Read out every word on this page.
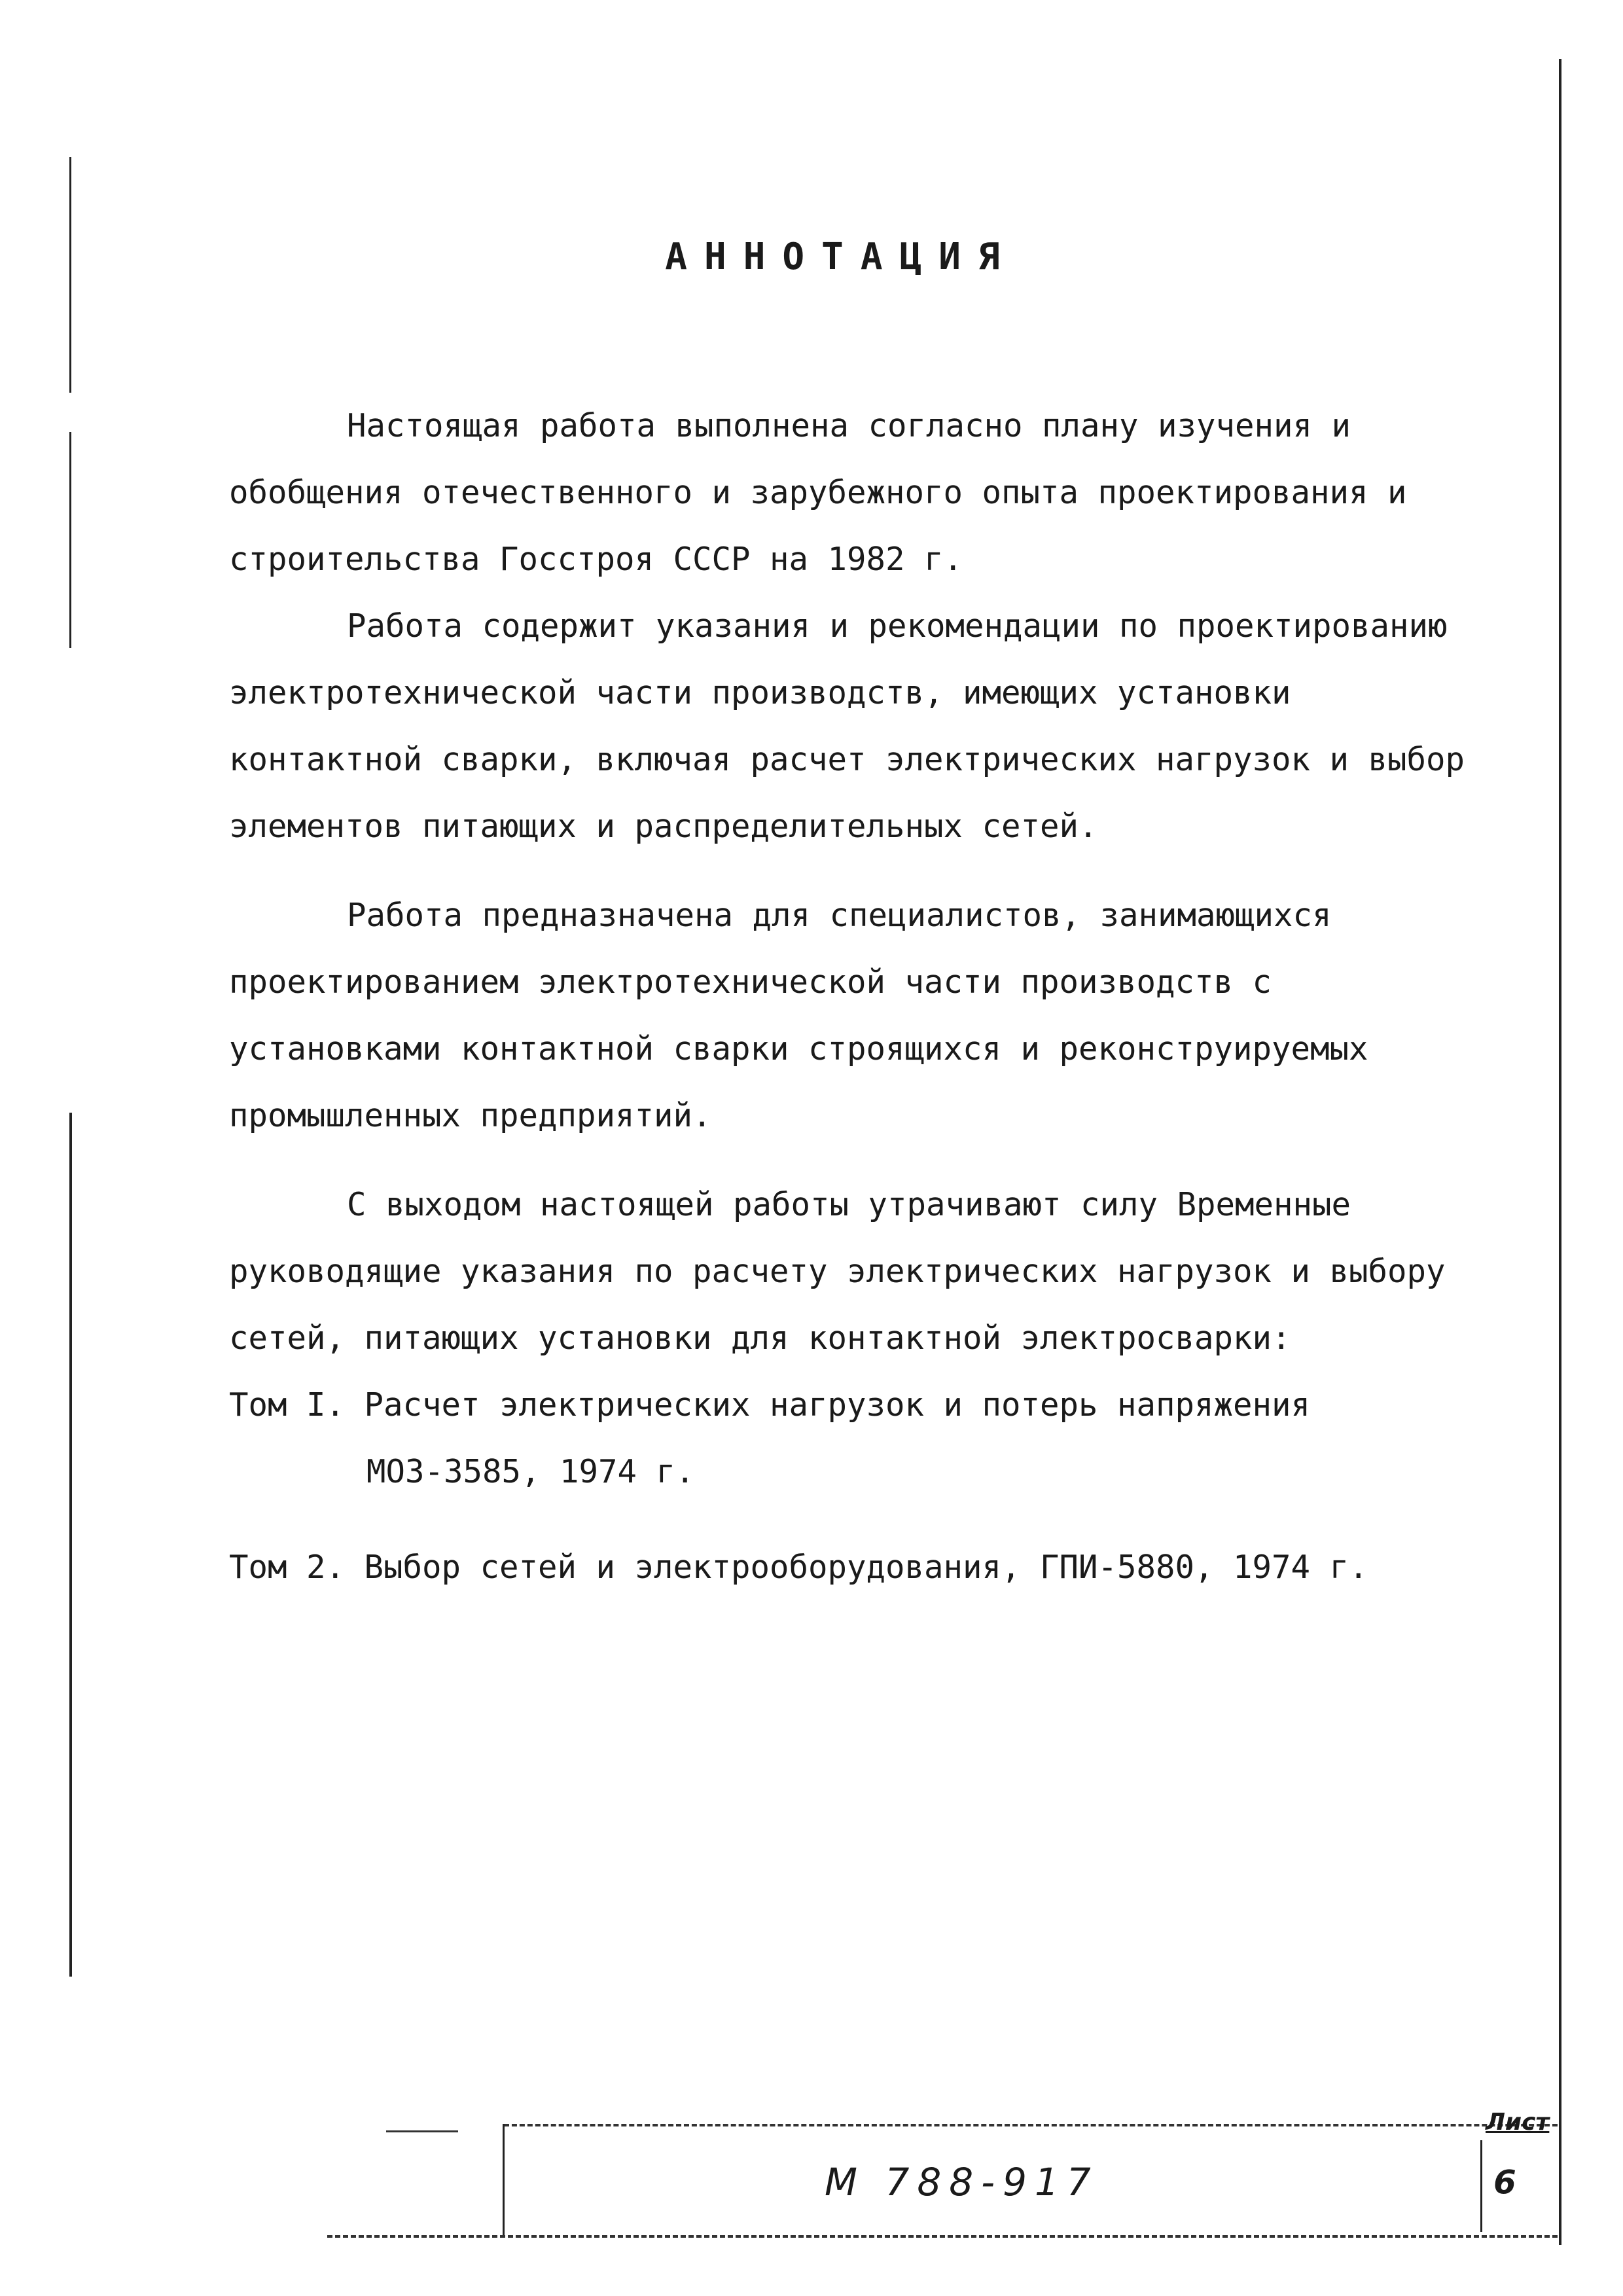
АННОТАЦИЯ

Настоящая работа выполнена согласно плану изучения и обобщения отечественного и зарубежного опыта проектирования и строительства Госстроя СССР на 1982 г.

Работа содержит указания и рекомендации по проектированию электротехнической части производств, имеющих установки контактной сварки, включая расчет электрических нагрузок и выбор элементов питающих и распределительных сетей.

Работа предназначена для специалистов, занимающихся проектированием электротехнической части производств с установками контактной сварки строящихся и реконструируемых промышленных предприятий.

С выходом настоящей работы утрачивают силу Временные руководящие указания по расчету электрических нагрузок и выбору сетей, питающих установки для контактной электросварки:

Том I. Расчет электрических нагрузок и потерь напряжения

МОЗ-3585, 1974 г.

Том 2. Выбор сетей и электрооборудования, ГПИ-5880, 1974 г.

М 788-917
Лист
6
